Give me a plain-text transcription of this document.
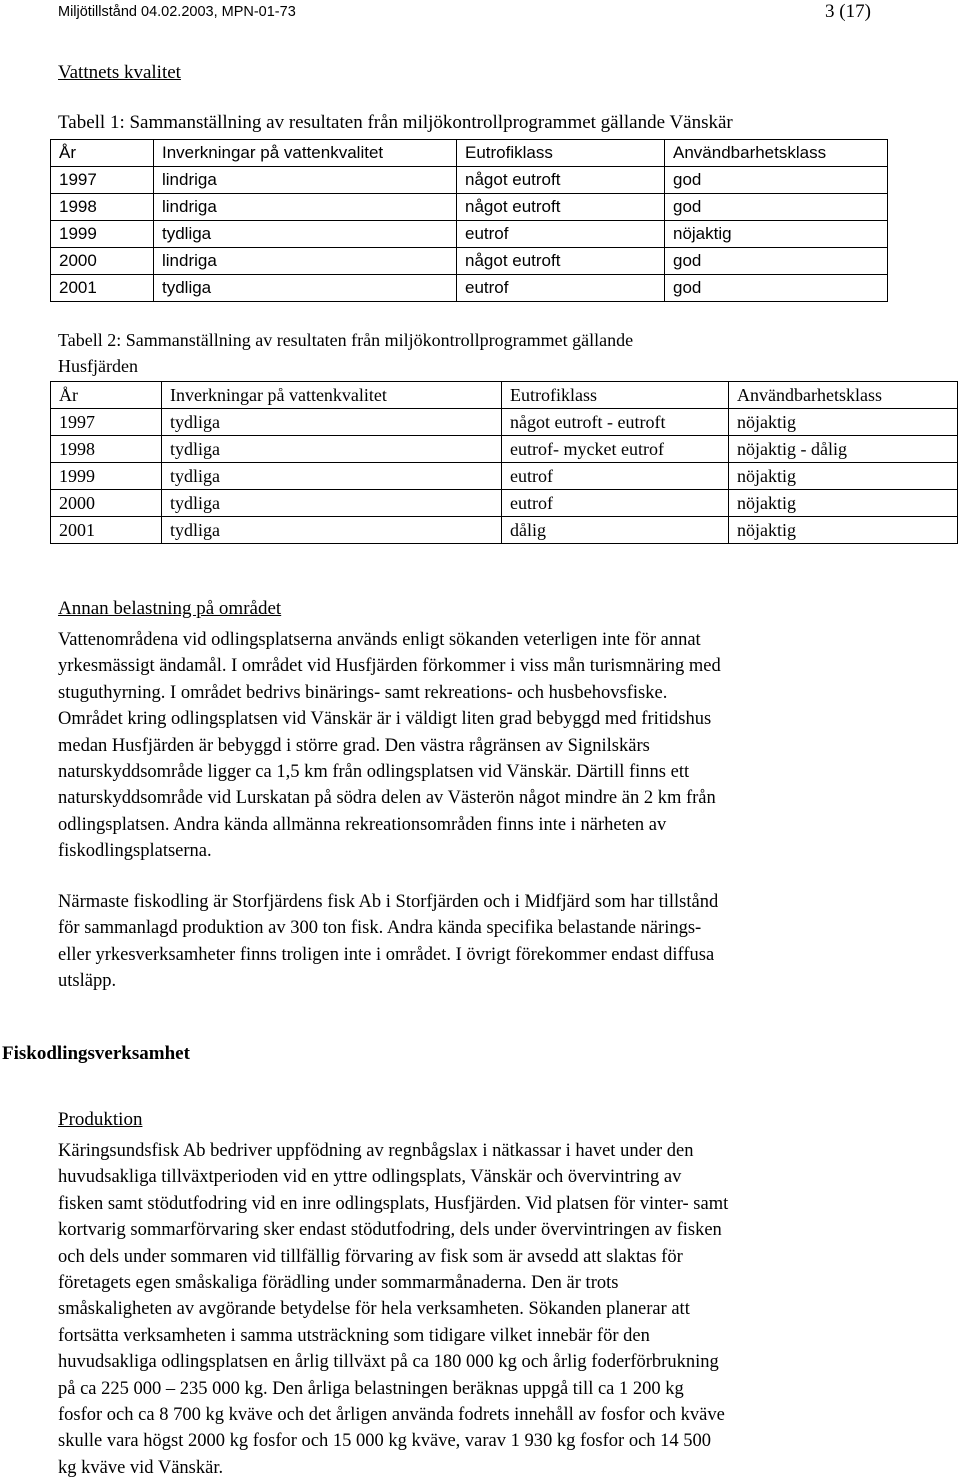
Miljötillstånd 04.02.2003, MPN-01-73	3 (17)
Vattnets kvalitet
Tabell 1: Sammanställning av resultaten från miljökontrollprogrammet gällande Vänskär
År	Inverkningar på vattenkvalitet	Eutrofiklass	Användbarhetsklass
1997	lindriga	något eutroft	god
1998	lindriga	något eutroft	god
1999	tydliga	eutrof	nöjaktig
2000	lindriga	något eutroft	god
2001	tydliga	eutrof	god
Tabell 2: Sammanställning av resultaten från miljökontrollprogrammet gällande
Husfjärden
År	Inverkningar på vattenkvalitet	Eutrofiklass	Användbarhetsklass
1997	tydliga	något eutroft - eutroft	nöjaktig
1998	tydliga	eutrof- mycket eutrof	nöjaktig - dålig
1999	tydliga	eutrof	nöjaktig
2000	tydliga	eutrof	nöjaktig
2001	tydliga	dålig	nöjaktig
Annan belastning på området
Vattenområdena vid odlingsplatserna används enligt sökanden veterligen inte för annat
yrkesmässigt ändamål. I området vid Husfjärden förkommer i viss mån turismnäring med
stuguthyrning. I området bedrivs binärings- samt rekreations- och husbehovsfiske.
Området kring odlingsplatsen vid Vänskär är i väldigt liten grad bebyggd med fritidshus
medan Husfjärden är bebyggd i större grad. Den västra rågränsen av Signilskärs
naturskyddsområde ligger ca 1,5 km från odlingsplatsen vid Vänskär. Därtill finns ett
naturskyddsområde vid Lurskatan på södra delen av Västerön något mindre än 2 km från
odlingsplatsen. Andra kända allmänna rekreationsområden finns inte i närheten av
fiskodlingsplatserna.
Närmaste fiskodling är Storfjärdens fisk Ab i Storfjärden och i Midfjärd som har tillstånd
för sammanlagd produktion av 300 ton fisk. Andra kända specifika belastande närings-
eller yrkesverksamheter finns troligen inte i området. I övrigt förekommer endast diffusa
utsläpp.
Fiskodlingsverksamhet
Produktion
Käringsundsfisk Ab bedriver uppfödning av regnbågslax i nätkassar i havet under den
huvudsakliga tillväxtperioden vid en yttre odlingsplats, Vänskär och övervintring av
fisken samt stödutfodring vid en inre odlingsplats, Husfjärden. Vid platsen för vinter- samt
kortvarig sommarförvaring sker endast stödutfodring, dels under övervintringen av fisken
och dels under sommaren vid tillfällig förvaring av fisk som är avsedd att slaktas för
företagets egen småskaliga förädling under sommarmånaderna. Den är trots
småskaligheten av avgörande betydelse för hela verksamheten. Sökanden planerar att
fortsätta verksamheten i samma utsträckning som tidigare vilket innebär för den
huvudsakliga odlingsplatsen en årlig tillväxt på ca 180 000 kg och årlig foderförbrukning
på ca 225 000 – 235 000 kg. Den årliga belastningen beräknas uppgå till ca 1 200 kg
fosfor och ca 8 700 kg kväve och det årligen använda fodrets innehåll av fosfor och kväve
skulle vara högst 2000 kg fosfor och 15 000 kg kväve, varav 1 930 kg fosfor och 14 500
kg kväve vid Vänskär.
